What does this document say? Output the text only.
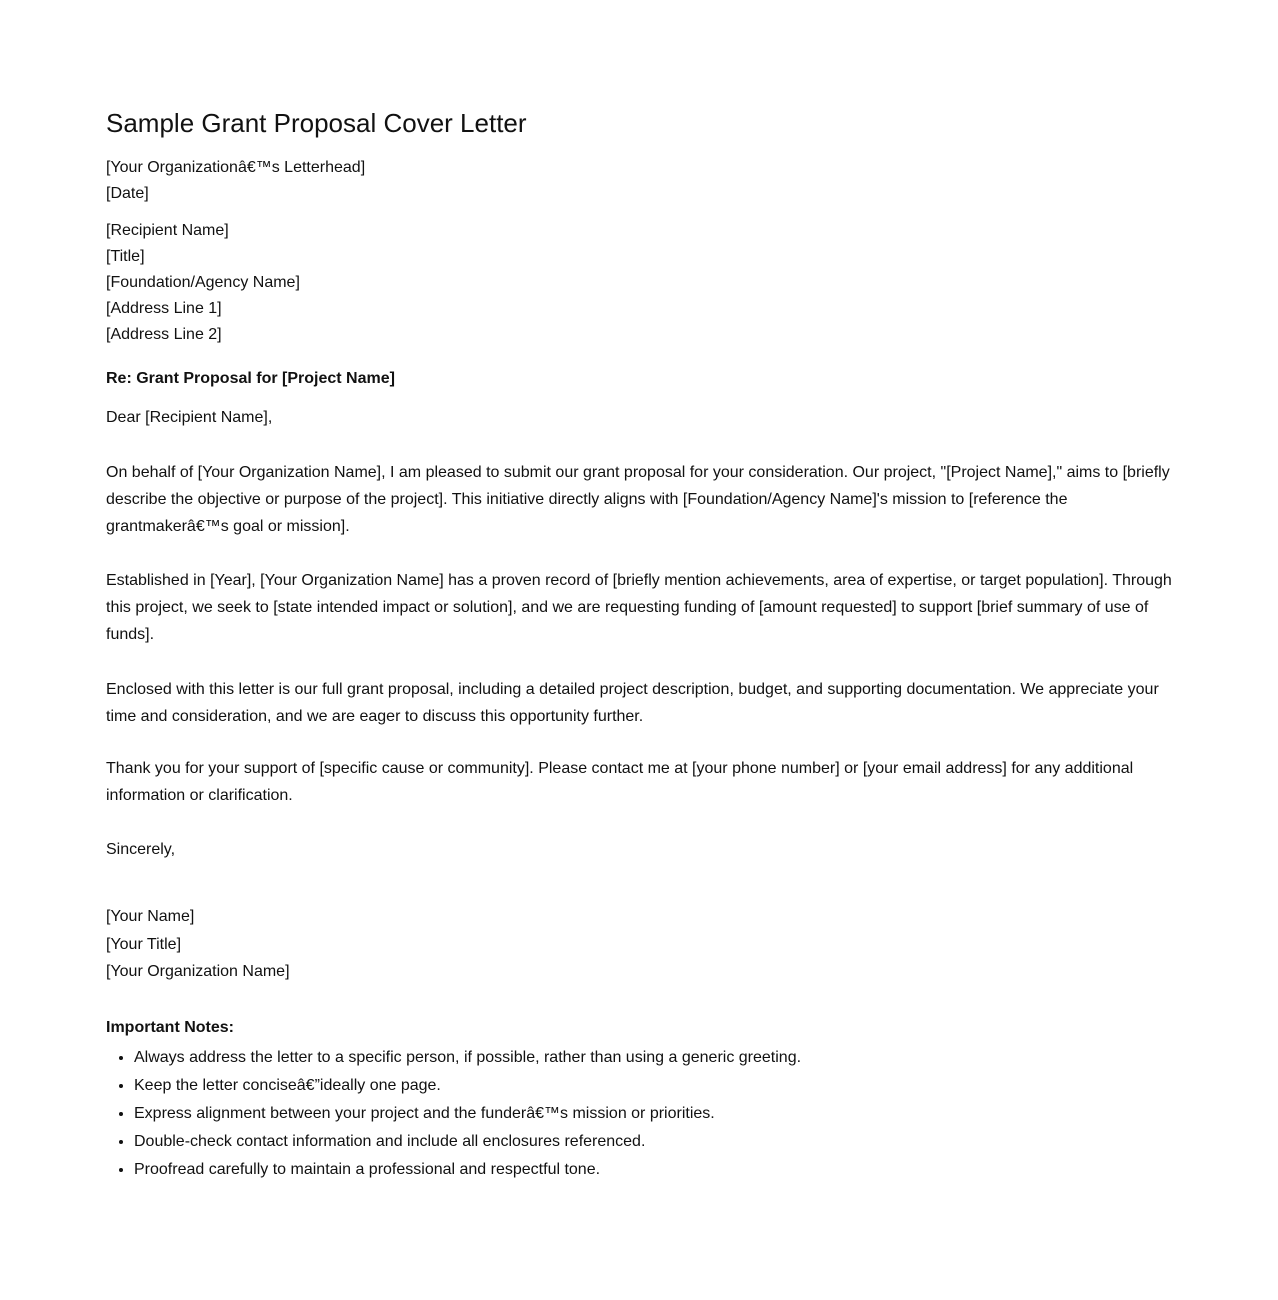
Sample Grant Proposal Cover Letter
[Your Organizationâ€™s Letterhead]
[Date]
[Recipient Name]
[Title]
[Foundation/Agency Name]
[Address Line 1]
[Address Line 2]
Re: Grant Proposal for [Project Name]
Dear [Recipient Name],

On behalf of [Your Organization Name], I am pleased to submit our grant proposal for your consideration. Our project, "[Project Name]," aims to [briefly describe the objective or purpose of the project]. This initiative directly aligns with [Foundation/Agency Name]'s mission to [reference the grantmakerâ€™s goal or mission].

Established in [Year], [Your Organization Name] has a proven record of [briefly mention achievements, area of expertise, or target population]. Through this project, we seek to [state intended impact or solution], and we are requesting funding of [amount requested] to support [brief summary of use of funds].

Enclosed with this letter is our full grant proposal, including a detailed project description, budget, and supporting documentation. We appreciate your time and consideration, and we are eager to discuss this opportunity further.

Thank you for your support of [specific cause or community]. Please contact me at [your phone number] or [your email address] for any additional information or clarification.

Sincerely,
[Your Name]
[Your Title]
[Your Organization Name]
Important Notes:
• Always address the letter to a specific person, if possible, rather than using a generic greeting.
• Keep the letter conciseâ€”ideally one page.
• Express alignment between your project and the funderâ€™s mission or priorities.
• Double-check contact information and include all enclosures referenced.
• Proofread carefully to maintain a professional and respectful tone.
